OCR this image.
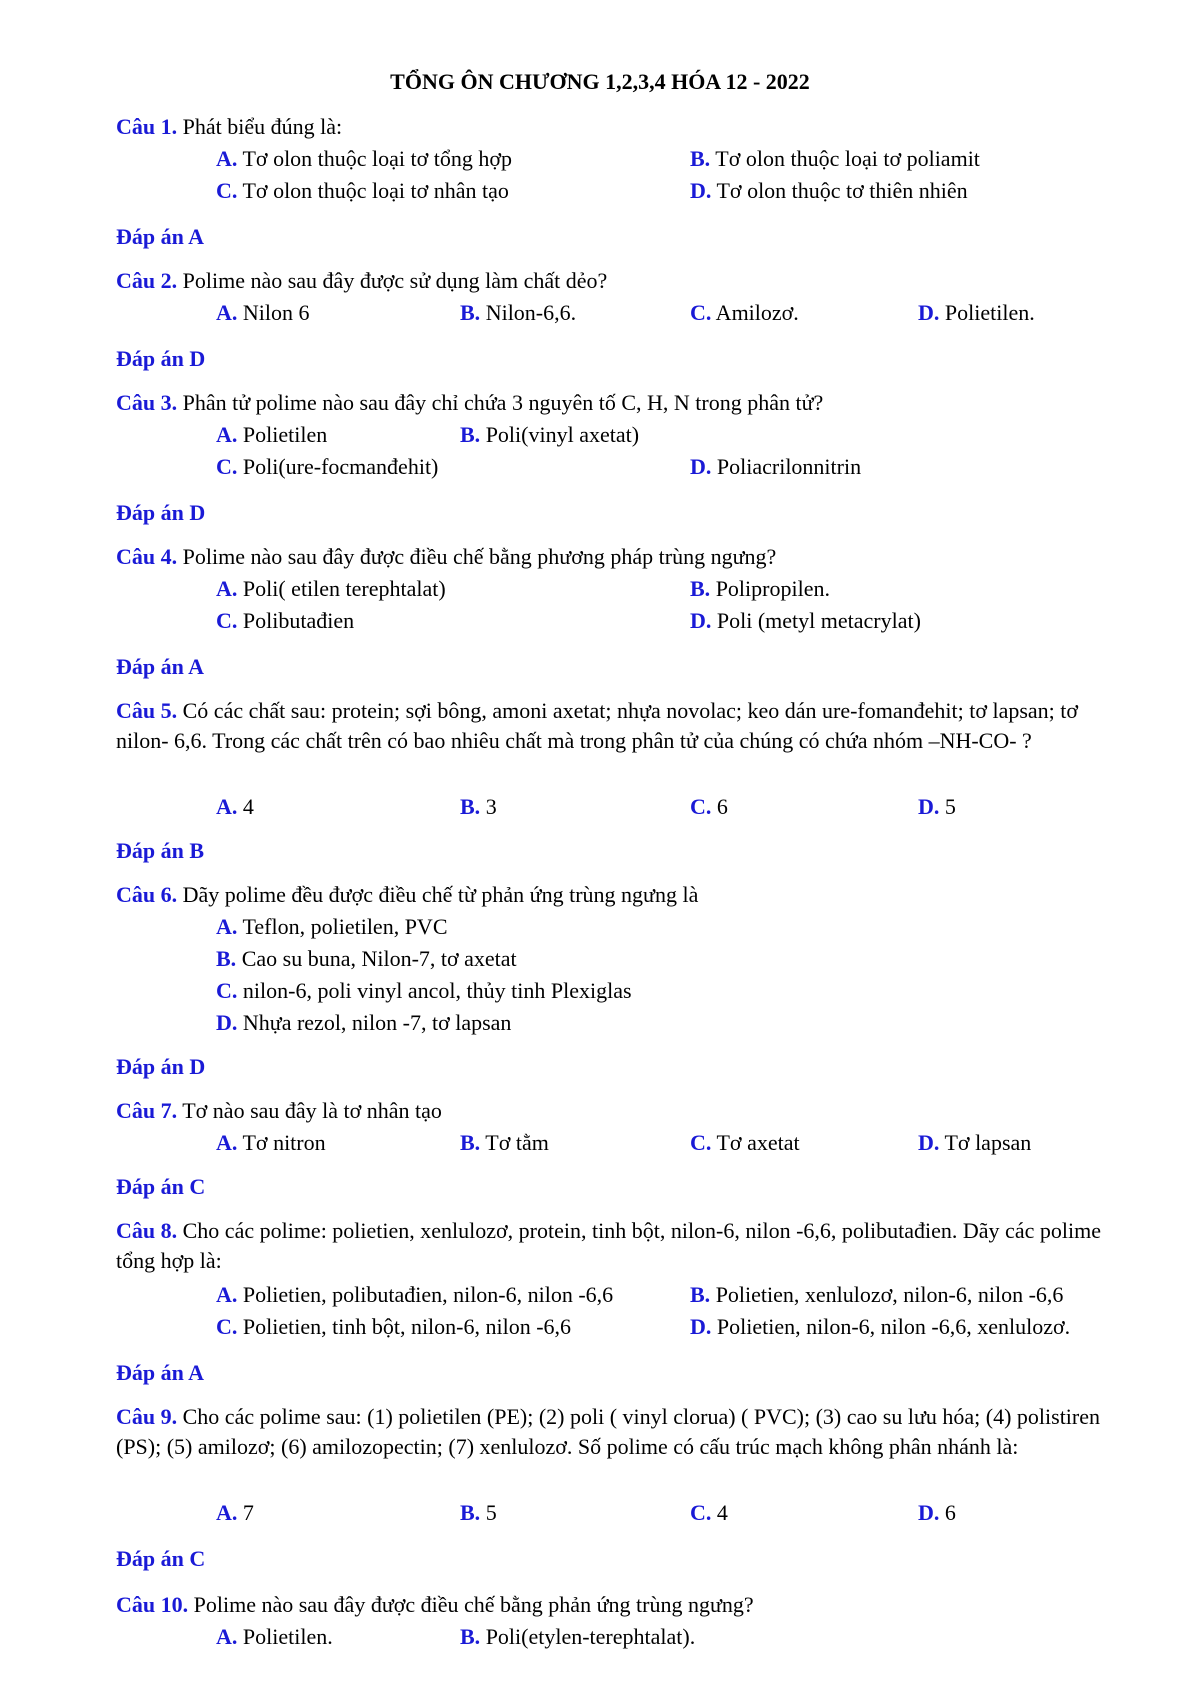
TỔNG ÔN CHƯƠNG 1,2,3,4 HÓA 12 - 2022
Câu 1. Phát biểu đúng là:
A. Tơ olon thuộc loại tơ tổng hợp	B. Tơ olon thuộc loại tơ poliamit
C. Tơ olon thuộc loại tơ nhân tạo	D. Tơ olon thuộc tơ thiên nhiên
Đáp án A
Câu 2. Polime nào sau đây được sử dụng làm chất dẻo?
A. Nilon 6	B. Nilon-6,6.	C. Amilozơ.	D. Polietilen.
Đáp án D
Câu 3. Phân tử polime nào sau đây chỉ chứa 3 nguyên tố C, H, N trong phân tử?
A. Polietilen	B. Poli(vinyl axetat)
C. Poli(ure-focmanđehit)	D. Poliacrilonnitrin
Đáp án D
Câu 4. Polime nào sau đây được điều chế bằng phương pháp trùng ngưng?
A. Poli( etilen terephtalat)	B. Polipropilen.
C. Polibutađien	D. Poli (metyl metacrylat)
Đáp án A
Câu 5. Có các chất sau: protein; sợi bông, amoni axetat; nhựa novolac; keo dán ure-fomanđehit; tơ lapsan; tơ nilon- 6,6. Trong các chất trên có bao nhiêu chất mà trong phân tử của chúng có chứa nhóm –NH-CO- ?
A. 4	B. 3	C. 6	D. 5
Đáp án B
Câu 6. Dãy polime đều được điều chế từ phản ứng trùng ngưng là
A. Teflon, polietilen, PVC
B. Cao su buna, Nilon-7, tơ axetat
C. nilon-6, poli vinyl ancol, thủy tinh Plexiglas
D. Nhựa rezol, nilon -7, tơ lapsan
Đáp án D
Câu 7. Tơ nào sau đây là tơ nhân tạo
A. Tơ nitron	B. Tơ tằm	C. Tơ axetat	D. Tơ lapsan
Đáp án C
Câu 8. Cho các polime: polietien, xenlulozơ, protein, tinh bột, nilon-6, nilon -6,6, polibutađien. Dãy các polime tổng hợp là:
A. Polietien, polibutađien, nilon-6, nilon -6,6	B. Polietien, xenlulozơ, nilon-6, nilon -6,6
C. Polietien, tinh bột, nilon-6, nilon -6,6	D. Polietien, nilon-6, nilon -6,6, xenlulozơ.
Đáp án A
Câu 9. Cho các polime sau: (1) polietilen (PE); (2) poli ( vinyl clorua) ( PVC); (3) cao su lưu hóa; (4) polistiren (PS); (5) amilozơ; (6) amilozopectin; (7) xenlulozơ. Số polime có cấu trúc mạch không phân nhánh là:
A. 7	B. 5	C. 4	D. 6
Đáp án C
Câu 10. Polime nào sau đây được điều chế bằng phản ứng trùng ngưng?
A. Polietilen.	B. Poli(etylen-terephtalat).
